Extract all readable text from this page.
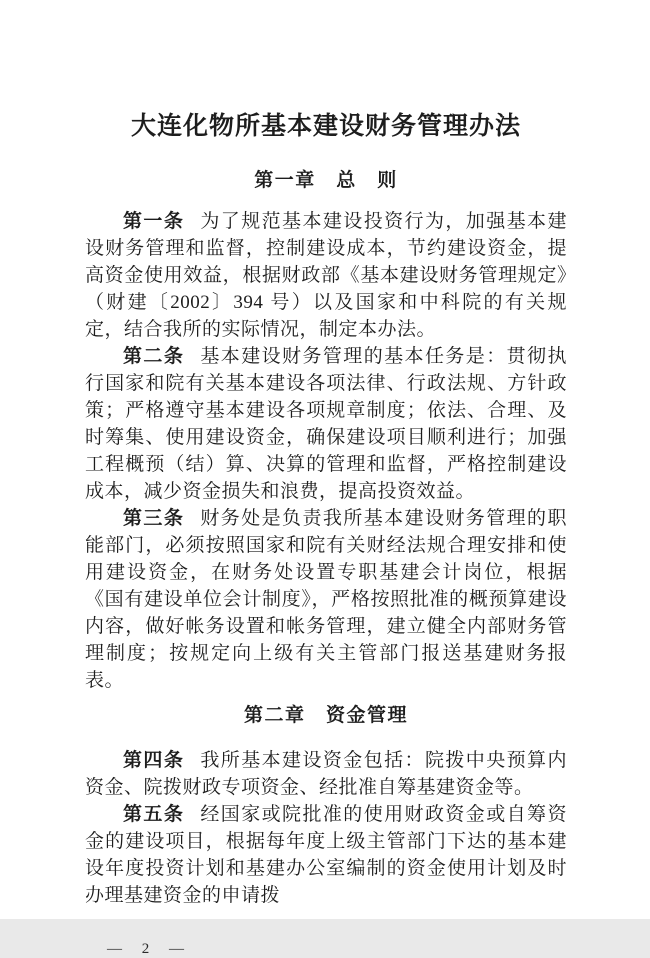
大连化物所基本建设财务管理办法
第一章　总　则

第一条 为了规范基本建设投资行为，加强基本建设财务管理和监督，控制建设成本，节约建设资金，提高资金使用效益，根据财政部《基本建设财务管理规定》（财建〔2002〕394 号）以及国家和中科院的有关规定，结合我所的实际情况，制定本办法。

第二条 基本建设财务管理的基本任务是：贯彻执行国家和院有关基本建设各项法律、行政法规、方针政策；严格遵守基本建设各项规章制度；依法、合理、及时筹集、使用建设资金，确保建设项目顺利进行；加强工程概预（结）算、决算的管理和监督，严格控制建设成本，减少资金损失和浪费，提高投资效益。

第三条 财务处是负责我所基本建设财务管理的职能部门，必须按照国家和院有关财经法规合理安排和使用建设资金，在财务处设置专职基建会计岗位，根据《国有建设单位会计制度》，严格按照批准的概预算建设内容，做好帐务设置和帐务管理，建立健全内部财务管理制度；按规定向上级有关主管部门报送基建财务报表。

第二章　资金管理

第四条 我所基本建设资金包括：院拨中央预算内资金、院拨财政专项资金、经批准自筹基建资金等。

第五条 经国家或院批准的使用财政资金或自筹资金的建设项目，根据每年度上级主管部门下达的基本建设年度投资计划和基建办公室编制的资金使用计划及时办理基建资金的申请拨

— 2 —
